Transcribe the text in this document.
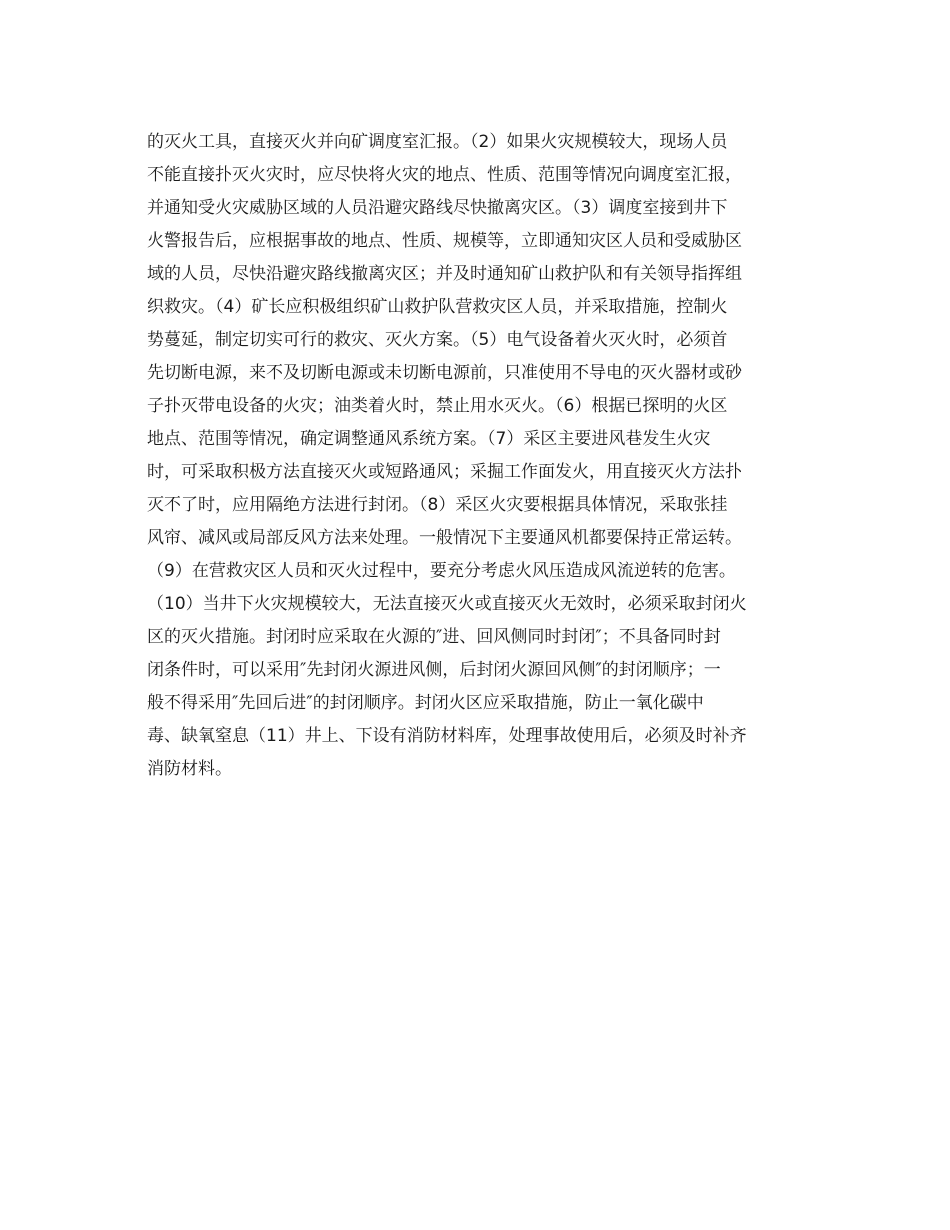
的灭火工具，直接灭火并向矿调度室汇报。（2）如果火灾规模较大，现场人员
不能直接扑灭火灾时，应尽快将火灾的地点、性质、范围等情况向调度室汇报，
并通知受火灾威胁区域的人员沿避灾路线尽快撤离灾区。（3）调度室接到井下
火警报告后，应根据事故的地点、性质、规模等，立即通知灾区人员和受威胁区
域的人员，尽快沿避灾路线撤离灾区；并及时通知矿山救护队和有关领导指挥组
织救灾。（4）矿长应积极组织矿山救护队营救灾区人员，并采取措施，控制火
势蔓延，制定切实可行的救灾、灭火方案。（5）电气设备着火灭火时，必须首
先切断电源，来不及切断电源或未切断电源前，只准使用不导电的灭火器材或砂
子扑灭带电设备的火灾；油类着火时，禁止用水灭火。（6）根据已探明的火区
地点、范围等情况，确定调整通风系统方案。（7）采区主要进风巷发生火灾
时，可采取积极方法直接灭火或短路通风；采掘工作面发火，用直接灭火方法扑
灭不了时，应用隔绝方法进行封闭。（8）采区火灾要根据具体情况，采取张挂
风帘、减风或局部反风方法来处理。一般情况下主要通风机都要保持正常运转。
（9）在营救灾区人员和灭火过程中，要充分考虑火风压造成风流逆转的危害。
（10）当井下火灾规模较大，无法直接灭火或直接灭火无效时，必须采取封闭火
区的灭火措施。封闭时应采取在火源的″进、回风侧同时封闭″；不具备同时封
闭条件时，可以采用″先封闭火源进风侧，后封闭火源回风侧″的封闭顺序；一
般不得采用″先回后进″的封闭顺序。封闭火区应采取措施，防止一氧化碳中
毒、缺氧窒息（11）井上、下设有消防材料库，处理事故使用后，必须及时补齐
消防材料。
